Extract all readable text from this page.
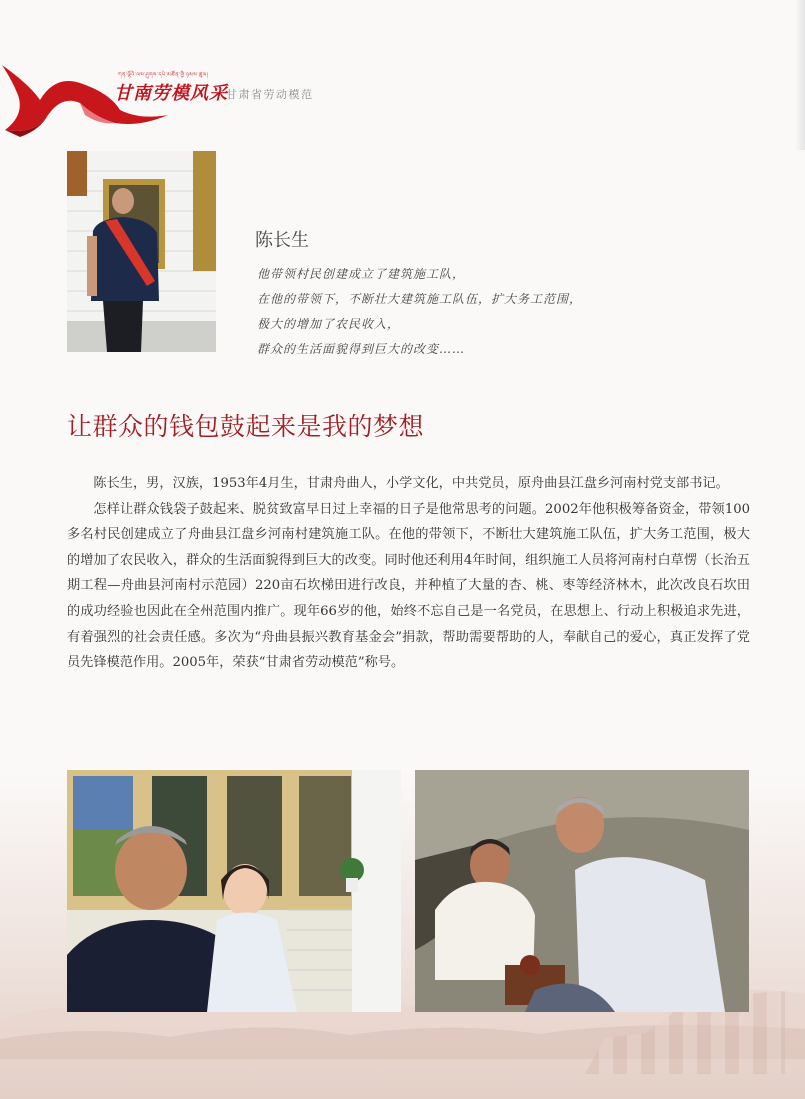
ཀན་ལྷོའི་ལས་ཤུགས་དཔེ་མཚོན་གྱི་ཉམས་ཚུལ།
甘南劳模风采
甘肃省劳动模范
陈长生
他带领村民创建成立了建筑施工队，
在他的带领下，不断壮大建筑施工队伍，扩大务工范围，
极大的增加了农民收入，
群众的生活面貌得到巨大的改变……
让群众的钱包鼓起来是我的梦想

陈长生，男，汉族，1953年4月生，甘肃舟曲人，小学文化，中共党员，原舟曲县江盘乡河南村党支部书记。

怎样让群众钱袋子鼓起来、脱贫致富早日过上幸福的日子是他常思考的问题。2002年他积极筹备资金，带领100多名村民创建成立了舟曲县江盘乡河南村建筑施工队。在他的带领下，不断壮大建筑施工队伍，扩大务工范围，极大的增加了农民收入，群众的生活面貌得到巨大的改变。同时他还利用4年时间，组织施工人员将河南村白草愣（长治五期工程—舟曲县河南村示范园）220亩石坎梯田进行改良，并种植了大量的杏、桃、枣等经济林木，此次改良石坎田的成功经验也因此在全州范围内推广。现年66岁的他，始终不忘自己是一名党员，在思想上、行动上积极追求先进，有着强烈的社会责任感。多次为“舟曲县振兴教育基金会”捐款，帮助需要帮助的人，奉献自己的爱心，真正发挥了党员先锋模范作用。2005年，荣获“甘肃省劳动模范”称号。
